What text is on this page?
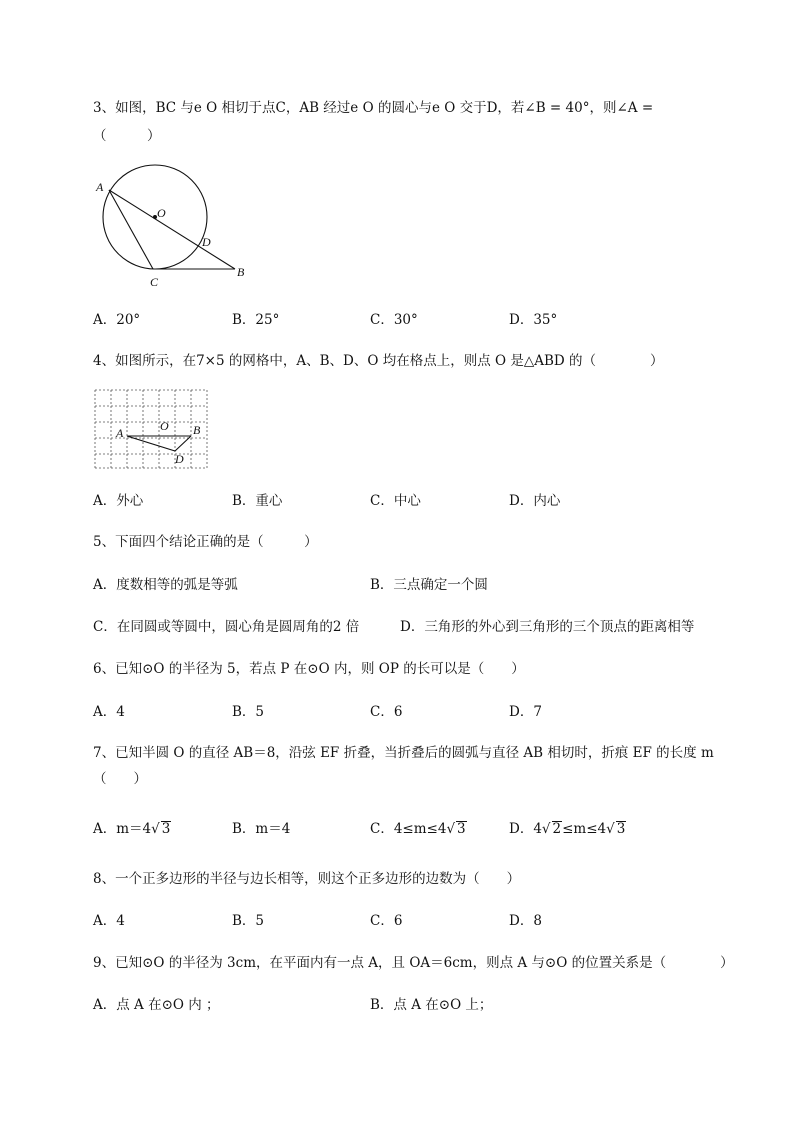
3、如图，BC 与e O 相切于点C，AB 经过e O 的圆心与e O 交于D，若∠B = 40°，则∠A =
（　　　）
A
O
D
C
B
A．20°	B．25°	C．30°	D．35°
4、如图所示，在7×5 的网格中，A、B、D、O 均在格点上，则点 O 是△ABD 的（　　　　）
A	O B
D
A．外心	B．重心	C．中心	D．内心
5、下面四个结论正确的是（　　　）
A．度数相等的弧是等弧	B．三点确定一个圆
C．在同圆或等圆中，圆心角是圆周角的2 倍	D．三角形的外心到三角形的三个顶点的距离相等
6、已知⊙O 的半径为 5，若点 P 在⊙O 内，则 OP 的长可以是（　　）
A．4	B．5	C．6	D．7
7、已知半圆 O 的直径 AB＝8，沿弦 EF 折叠，当折叠后的圆弧与直径 AB 相切时，折痕 EF 的长度 m
（　　）
A．m＝4√ 3	B．m＝4	C．4≤m≤4√ 3	D．4√ 2≤m≤4√ 3
8、一个正多边形的半径与边长相等，则这个正多边形的边数为（　　）
A．4	B．5	C．6	D．8
9、已知⊙O 的半径为 3cm，在平面内有一点 A，且 OA＝6cm，则点 A 与⊙O 的位置关系是（　　　　）
A．点 A 在⊙O 内 ；	B．点 A 在⊙O 上；
